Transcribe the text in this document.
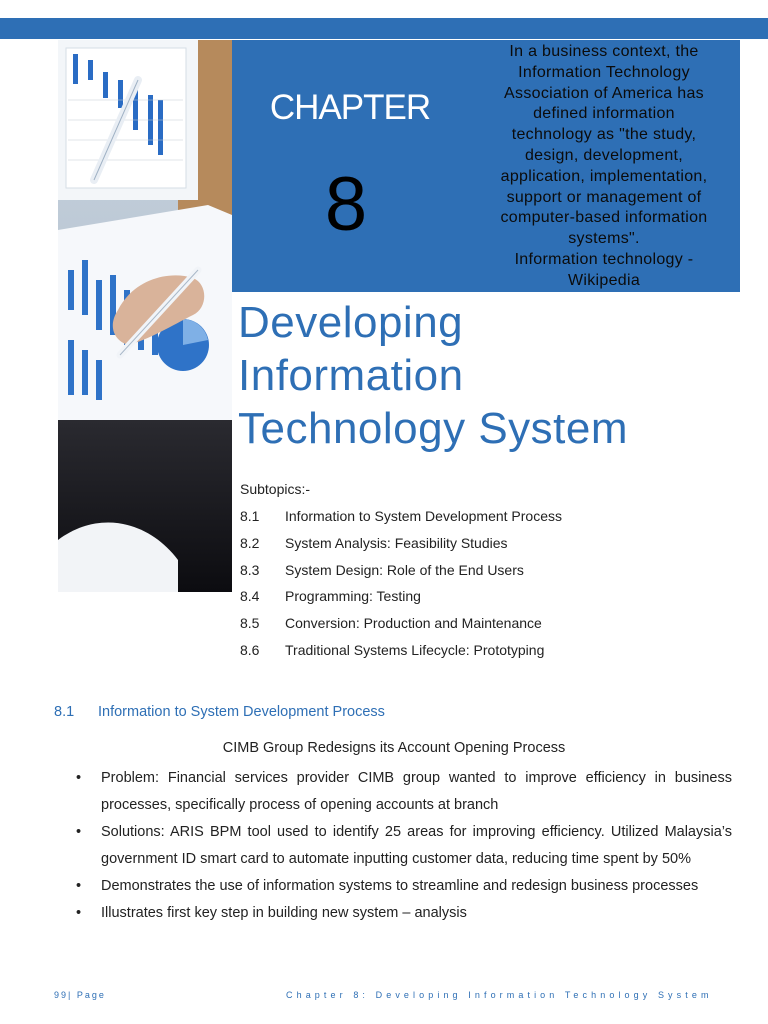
CHAPTER
8
In a business context, the
Information Technology
Association of America has
defined information
technology as "the study,
design, development,
application, implementation,
support or management of
computer-based information
systems".
Information technology -
Wikipedia
Developing
Information
Technology System
Subtopics:-
8.1 Information to System Development Process
8.2 System Analysis: Feasibility Studies
8.3 System Design: Role of the End Users
8.4 Programming: Testing
8.5 Conversion: Production and Maintenance
8.6 Traditional Systems Lifecycle: Prototyping
8.1 Information to System Development Process
CIMB Group Redesigns its Account Opening Process
• Problem: Financial services provider CIMB group wanted to improve efficiency in business processes, specifically process of opening accounts at branch
• Solutions: ARIS BPM tool used to identify 25 areas for improving efficiency. Utilized Malaysia’s government ID smart card to automate inputting customer data, reducing time spent by 50%
• Demonstrates the use of information systems to streamline and redesign business processes
• Illustrates first key step in building new system – analysis
99| Page	Chapter 8: Developing Information Technology System
